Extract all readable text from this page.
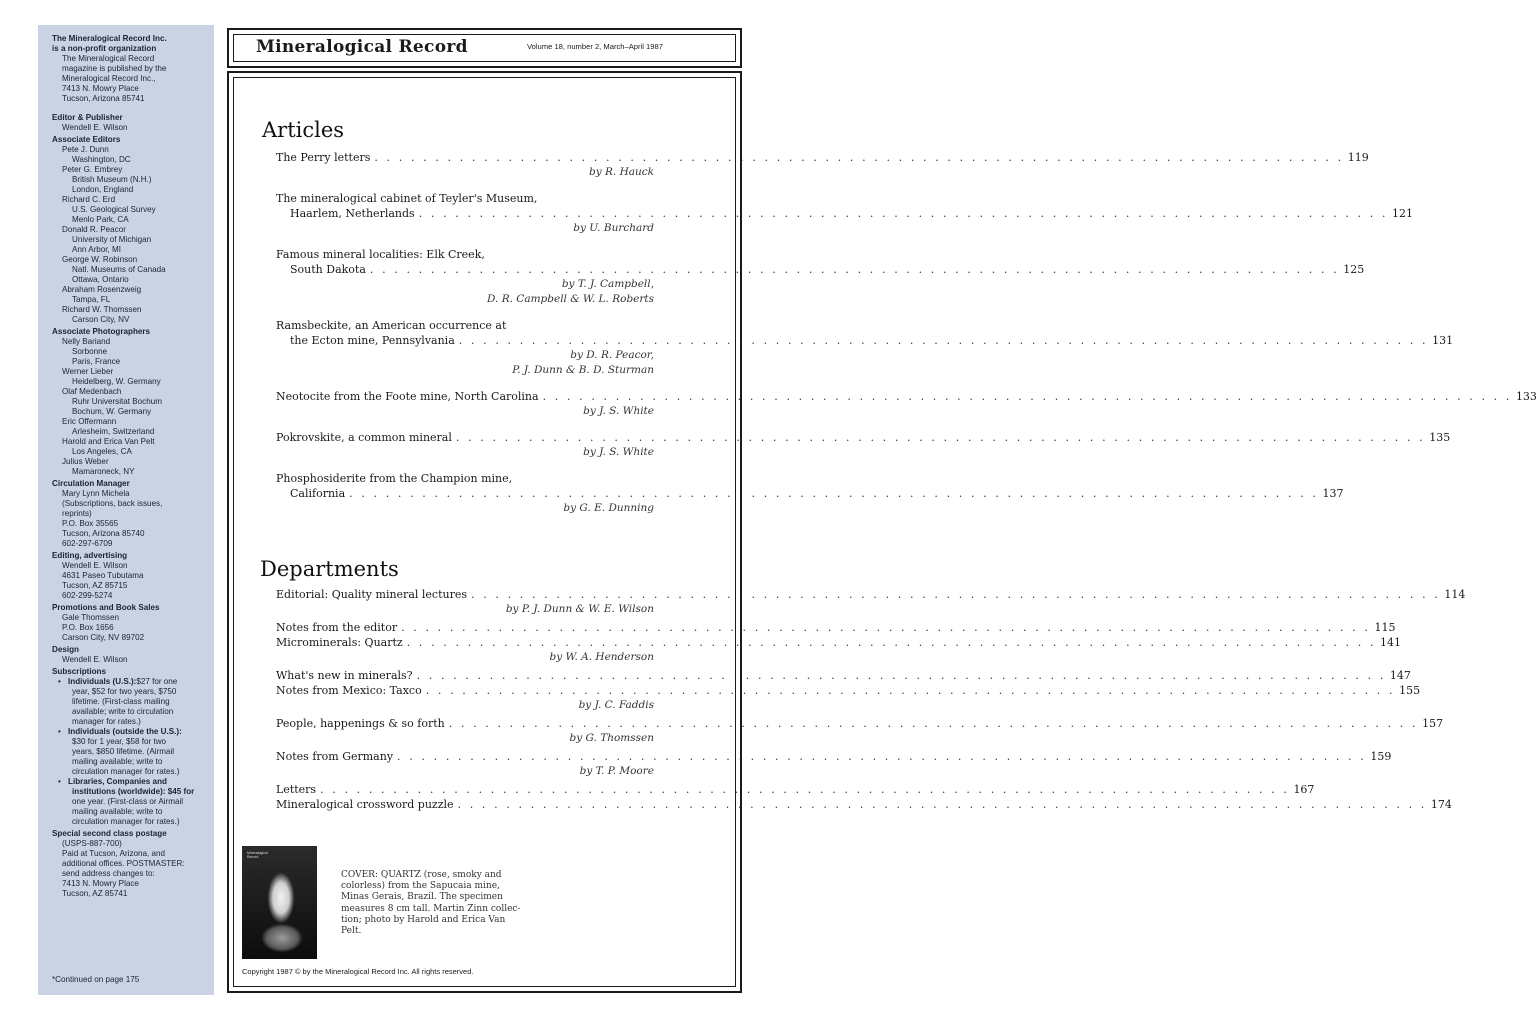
The Mineralogical Record Inc.
is a non-profit organization
The Mineralogical Record
magazine is published by the
Mineralogical Record Inc.,
7413 N. Mowry Place
Tucson, Arizona 85741
Editor & Publisher
Wendell E. Wilson
Associate Editors
Pete J. Dunn
Washington, DC
Peter G. Embrey
British Museum (N.H.)
London, England
Richard C. Erd
U.S. Geological Survey
Menlo Park, CA
Donald R. Peacor
University of Michigan
Ann Arbor, MI
George W. Robinson
Natl. Museums of Canada
Ottawa, Ontario
Abraham Rosenzweig
Tampa, FL
Richard W. Thomssen
Carson City, NV
Associate Photographers
Nelly Bariand
Sorbonne
Paris, France
Werner Lieber
Heidelberg, W. Germany
Olaf Medenbach
Ruhr Universitat Bochum
Bochum, W. Germany
Eric Offermann
Arlesheim, Switzerland
Harold and Erica Van Pelt
Los Angeles, CA
Julius Weber
Mamaroneck, NY
Circulation Manager
Mary Lynn Michela
(Subscriptions, back issues,
reprints)
P.O. Box 35565
Tucson, Arizona 85740
602-297-6709
Editing, advertising
Wendell E. Wilson
4631 Paseo Tubutama
Tucson, AZ 85715
602-299-5274
Promotions and Book Sales
Gale Thomssen
P.O. Box 1656
Carson City, NV 89702
Design
Wendell E. Wilson
Subscriptions
• Individuals (U.S.): $27 for one
year, $52 for two years, $750
lifetime. (First-class mailing
available; write to circulation
manager for rates.)
• Individuals (outside the U.S.):
$30 for 1 year, $58 for two
years, $850 lifetime. (Airmail
mailing available; write to
circulation manager for rates.)
• Libraries, Companies and
institutions (worldwide): $45 for
one year. (First-class or Airmail
mailing available; write to
circulation manager for rates.)
Special second class postage
(USPS-887-700)
Paid at Tucson, Arizona, and
additional offices. POSTMASTER:
send address changes to:
7413 N. Mowry Place
Tucson, AZ 85741
*Continued on page 175
Mineralogical Record	Volume 18, number 2, March–April 1987
Articles
The Perry letters . . . . . . . . . . . . . . . . . . . . . . . . . . . . . . . . . . . . . . . . . . . . . . . . . . . . . . . . . . . . . . . . . . . . . . . . . . . . . . . . 119
by R. Hauck
The mineralogical cabinet of Teyler's Museum,
Haarlem, Netherlands . . . . . . . . . . . . . . . . . . . . . . . . . . . . . . . . . . . . . . . . . . . . . . . . . . . . . . . . . . . . . . . . . . . . . . . . . . . . . . . . 121
by U. Burchard
Famous mineral localities: Elk Creek,
South Dakota . . . . . . . . . . . . . . . . . . . . . . . . . . . . . . . . . . . . . . . . . . . . . . . . . . . . . . . . . . . . . . . . . . . . . . . . . . . . . . . . 125
by T. J. Campbell,
D. R. Campbell & W. L. Roberts
Ramsbeckite, an American occurrence at
the Ecton mine, Pennsylvania . . . . . . . . . . . . . . . . . . . . . . . . . . . . . . . . . . . . . . . . . . . . . . . . . . . . . . . . . . . . . . . . . . . . . . . . . . . . . . . . 131
by D. R. Peacor,
P. J. Dunn & B. D. Sturman
Neotocite from the Foote mine, North Carolina . . . . . . . . . . . . . . . . . . . . . . . . . . . . . . . . . . . . . . . . . . . . . . . . . . . . . . . . . . . . . . . . . . . . . . . . . . . . . . . . 133
by J. S. White
Pokrovskite, a common mineral . . . . . . . . . . . . . . . . . . . . . . . . . . . . . . . . . . . . . . . . . . . . . . . . . . . . . . . . . . . . . . . . . . . . . . . . . . . . . . . . 135
by J. S. White
Phosphosiderite from the Champion mine,
California . . . . . . . . . . . . . . . . . . . . . . . . . . . . . . . . . . . . . . . . . . . . . . . . . . . . . . . . . . . . . . . . . . . . . . . . . . . . . . . . 137
by G. E. Dunning
Departments
Editorial: Quality mineral lectures . . . . . . . . . . . . . . . . . . . . . . . . . . . . . . . . . . . . . . . . . . . . . . . . . . . . . . . . . . . . . . . . . . . . . . . . . . . . . . . . 114
by P. J. Dunn & W. E. Wilson
Notes from the editor . . . . . . . . . . . . . . . . . . . . . . . . . . . . . . . . . . . . . . . . . . . . . . . . . . . . . . . . . . . . . . . . . . . . . . . . . . . . . . . . 115
Microminerals: Quartz . . . . . . . . . . . . . . . . . . . . . . . . . . . . . . . . . . . . . . . . . . . . . . . . . . . . . . . . . . . . . . . . . . . . . . . . . . . . . . . . 141
by W. A. Henderson
What's new in minerals? . . . . . . . . . . . . . . . . . . . . . . . . . . . . . . . . . . . . . . . . . . . . . . . . . . . . . . . . . . . . . . . . . . . . . . . . . . . . . . . . 147
Notes from Mexico: Taxco . . . . . . . . . . . . . . . . . . . . . . . . . . . . . . . . . . . . . . . . . . . . . . . . . . . . . . . . . . . . . . . . . . . . . . . . . . . . . . . . 155
by J. C. Faddis
People, happenings & so forth . . . . . . . . . . . . . . . . . . . . . . . . . . . . . . . . . . . . . . . . . . . . . . . . . . . . . . . . . . . . . . . . . . . . . . . . . . . . . . . . 157
by G. Thomssen
Notes from Germany . . . . . . . . . . . . . . . . . . . . . . . . . . . . . . . . . . . . . . . . . . . . . . . . . . . . . . . . . . . . . . . . . . . . . . . . . . . . . . . . 159
by T. P. Moore
Letters . . . . . . . . . . . . . . . . . . . . . . . . . . . . . . . . . . . . . . . . . . . . . . . . . . . . . . . . . . . . . . . . . . . . . . . . . . . . . . . . 167
Mineralogical crossword puzzle . . . . . . . . . . . . . . . . . . . . . . . . . . . . . . . . . . . . . . . . . . . . . . . . . . . . . . . . . . . . . . . . . . . . . . . . . . . . . . . . 174
Mineralogical Record
COVER: QUARTZ (rose, smoky and
colorless) from the Sapucaia mine,
Minas Gerais, Brazil. The specimen
measures 8 cm tall. Martin Zinn collec-
tion; photo by Harold and Erica Van
Pelt.
Copyright 1987 © by the Mineralogical Record Inc. All rights reserved.
